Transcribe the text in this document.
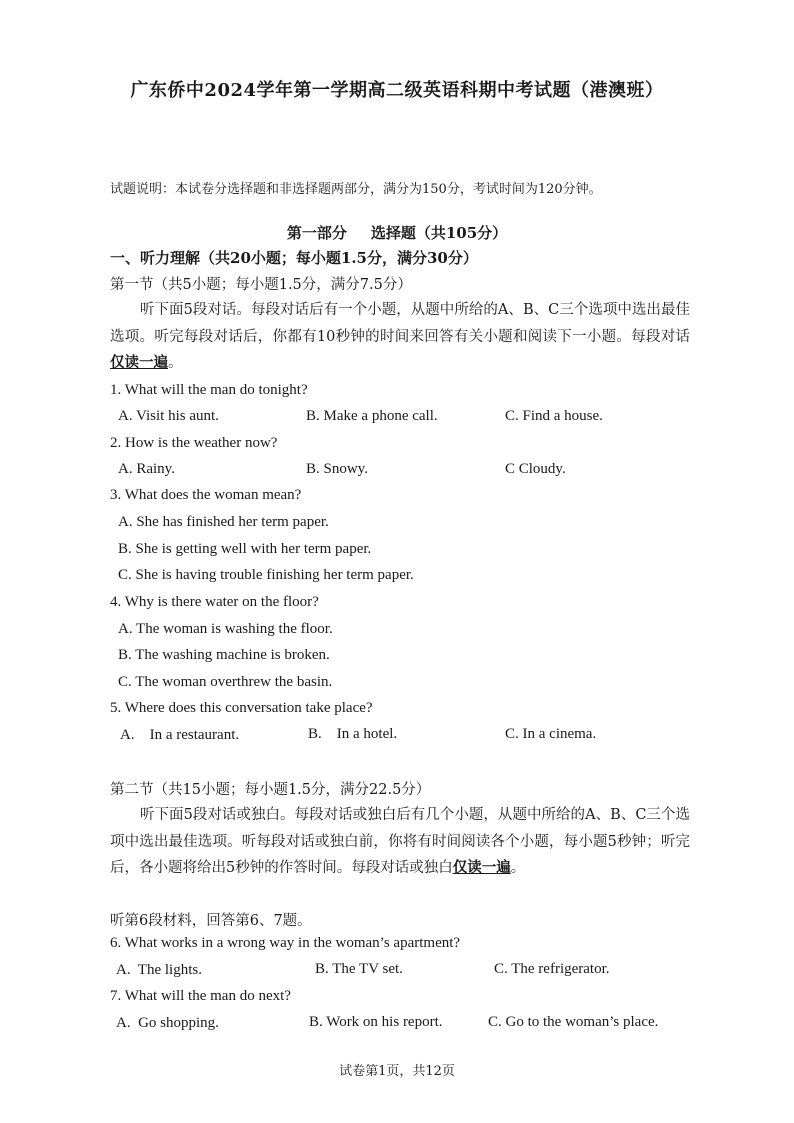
广东侨中2024学年第一学期高二级英语科期中考试题（港澳班）
试题说明：本试卷分选择题和非选择题两部分，满分为150分，考试时间为120分钟。
第一部分 选择题（共105分）
一、听力理解（共20小题；每小题1.5分，满分30分）
第一节（共5小题；每小题1.5分，满分7.5分）
听下面5段对话。每段对话后有一个小题，从题中所给的A、B、C三个选项中选出最佳选项。听完每段对话后，你都有10秒钟的时间来回答有关小题和阅读下一小题。每段对话仅读一遍。
1. What will the man do tonight?
A. Visit his aunt.	B. Make a phone call.	C. Find a house.
2. How is the weather now?
A. Rainy.	B. Snowy.	C Cloudy.
3. What does the woman mean?
A. She has finished her term paper.
B. She is getting well with her term paper.
C. She is having trouble finishing her term paper.
4. Why is there water on the floor?
A. The woman is washing the floor.
B. The washing machine is broken.
C. The woman overthrew the basin.
5. Where does this conversation take place?
A.    In a restaurant.	B.    In a hotel.	C. In a cinema.
第二节（共15小题；每小题1.5分，满分22.5分）
听下面5段对话或独白。每段对话或独白后有几个小题，从题中所给的A、B、C三个选项中选出最佳选项。听每段对话或独白前，你将有时间阅读各个小题，每小题5秒钟；听完后，各小题将给出5秒钟的作答时间。每段对话或独白仅读一遍。
听第6段材料，回答第6、7题。
6. What works in a wrong way in the woman’s apartment?
A.  The lights.	B. The TV set.	C. The refrigerator.
7. What will the man do next?
A.  Go shopping.	B. Work on his report.	C. Go to the woman’s place.
试卷第1页，共12页
